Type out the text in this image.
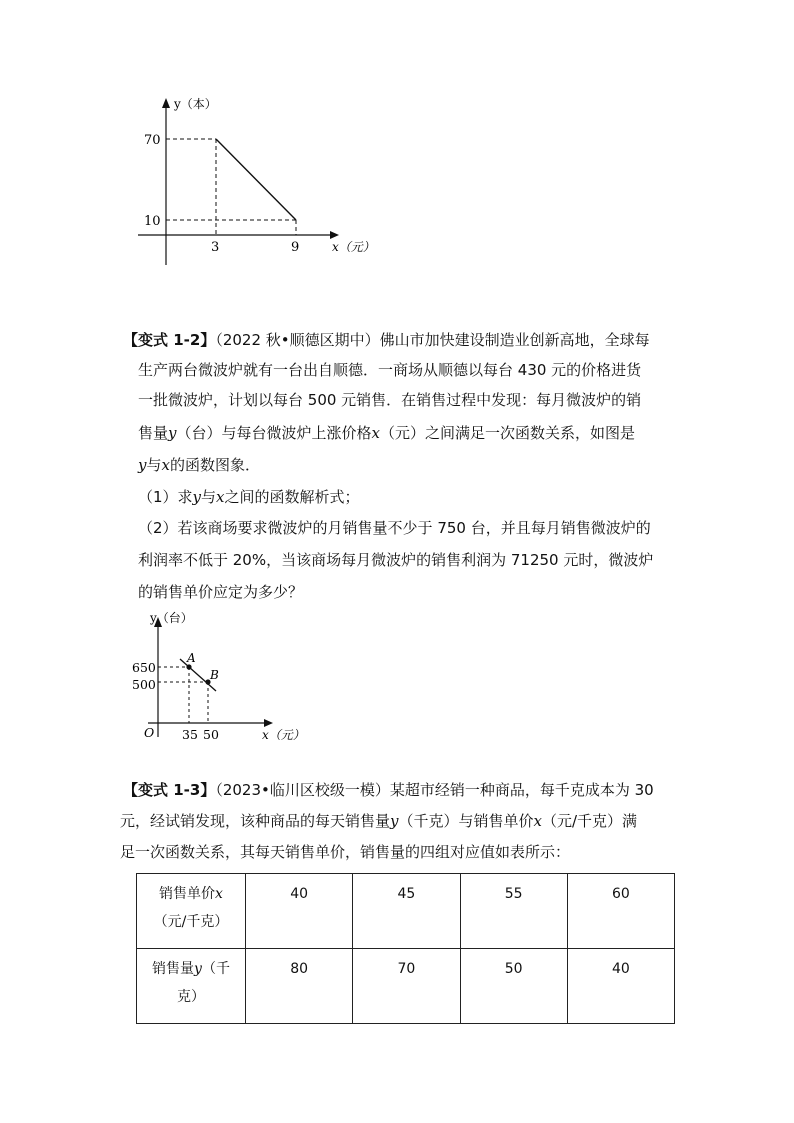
y（本）
70
10
3	9	x（元）
【变式 1-2】（2022 秋•顺德区期中）佛山市加快建设制造业创新高地，全球每
生产两台微波炉就有一台出自顺德．一商场从顺德以每台 430 元的价格进货
一批微波炉，计划以每台 500 元销售．在销售过程中发现：每月微波炉的销
售量y（台）与每台微波炉上涨价格x（元）之间满足一次函数关系，如图是
y与x的函数图象．
（1）求y与x之间的函数解析式；
（2）若该商场要求微波炉的月销售量不少于 750 台，并且每月销售微波炉的
利润率不低于 20%，当该商场每月微波炉的销售利润为 71250 元时，微波炉
的销售单价应定为多少？
y（台）
650
500
A
B
O 35 50	x（元）
【变式 1-3】（2023•临川区校级一模）某超市经销一种商品，每千克成本为 30
元，经试销发现，该种商品的每天销售量y（千克）与销售单价x（元/千克）满
足一次函数关系，其每天销售单价，销售量的四组对应值如表所示：
销售单价x
（元/千克）	40	45	55	60
销售量y（千
克）	80	70	50	40
